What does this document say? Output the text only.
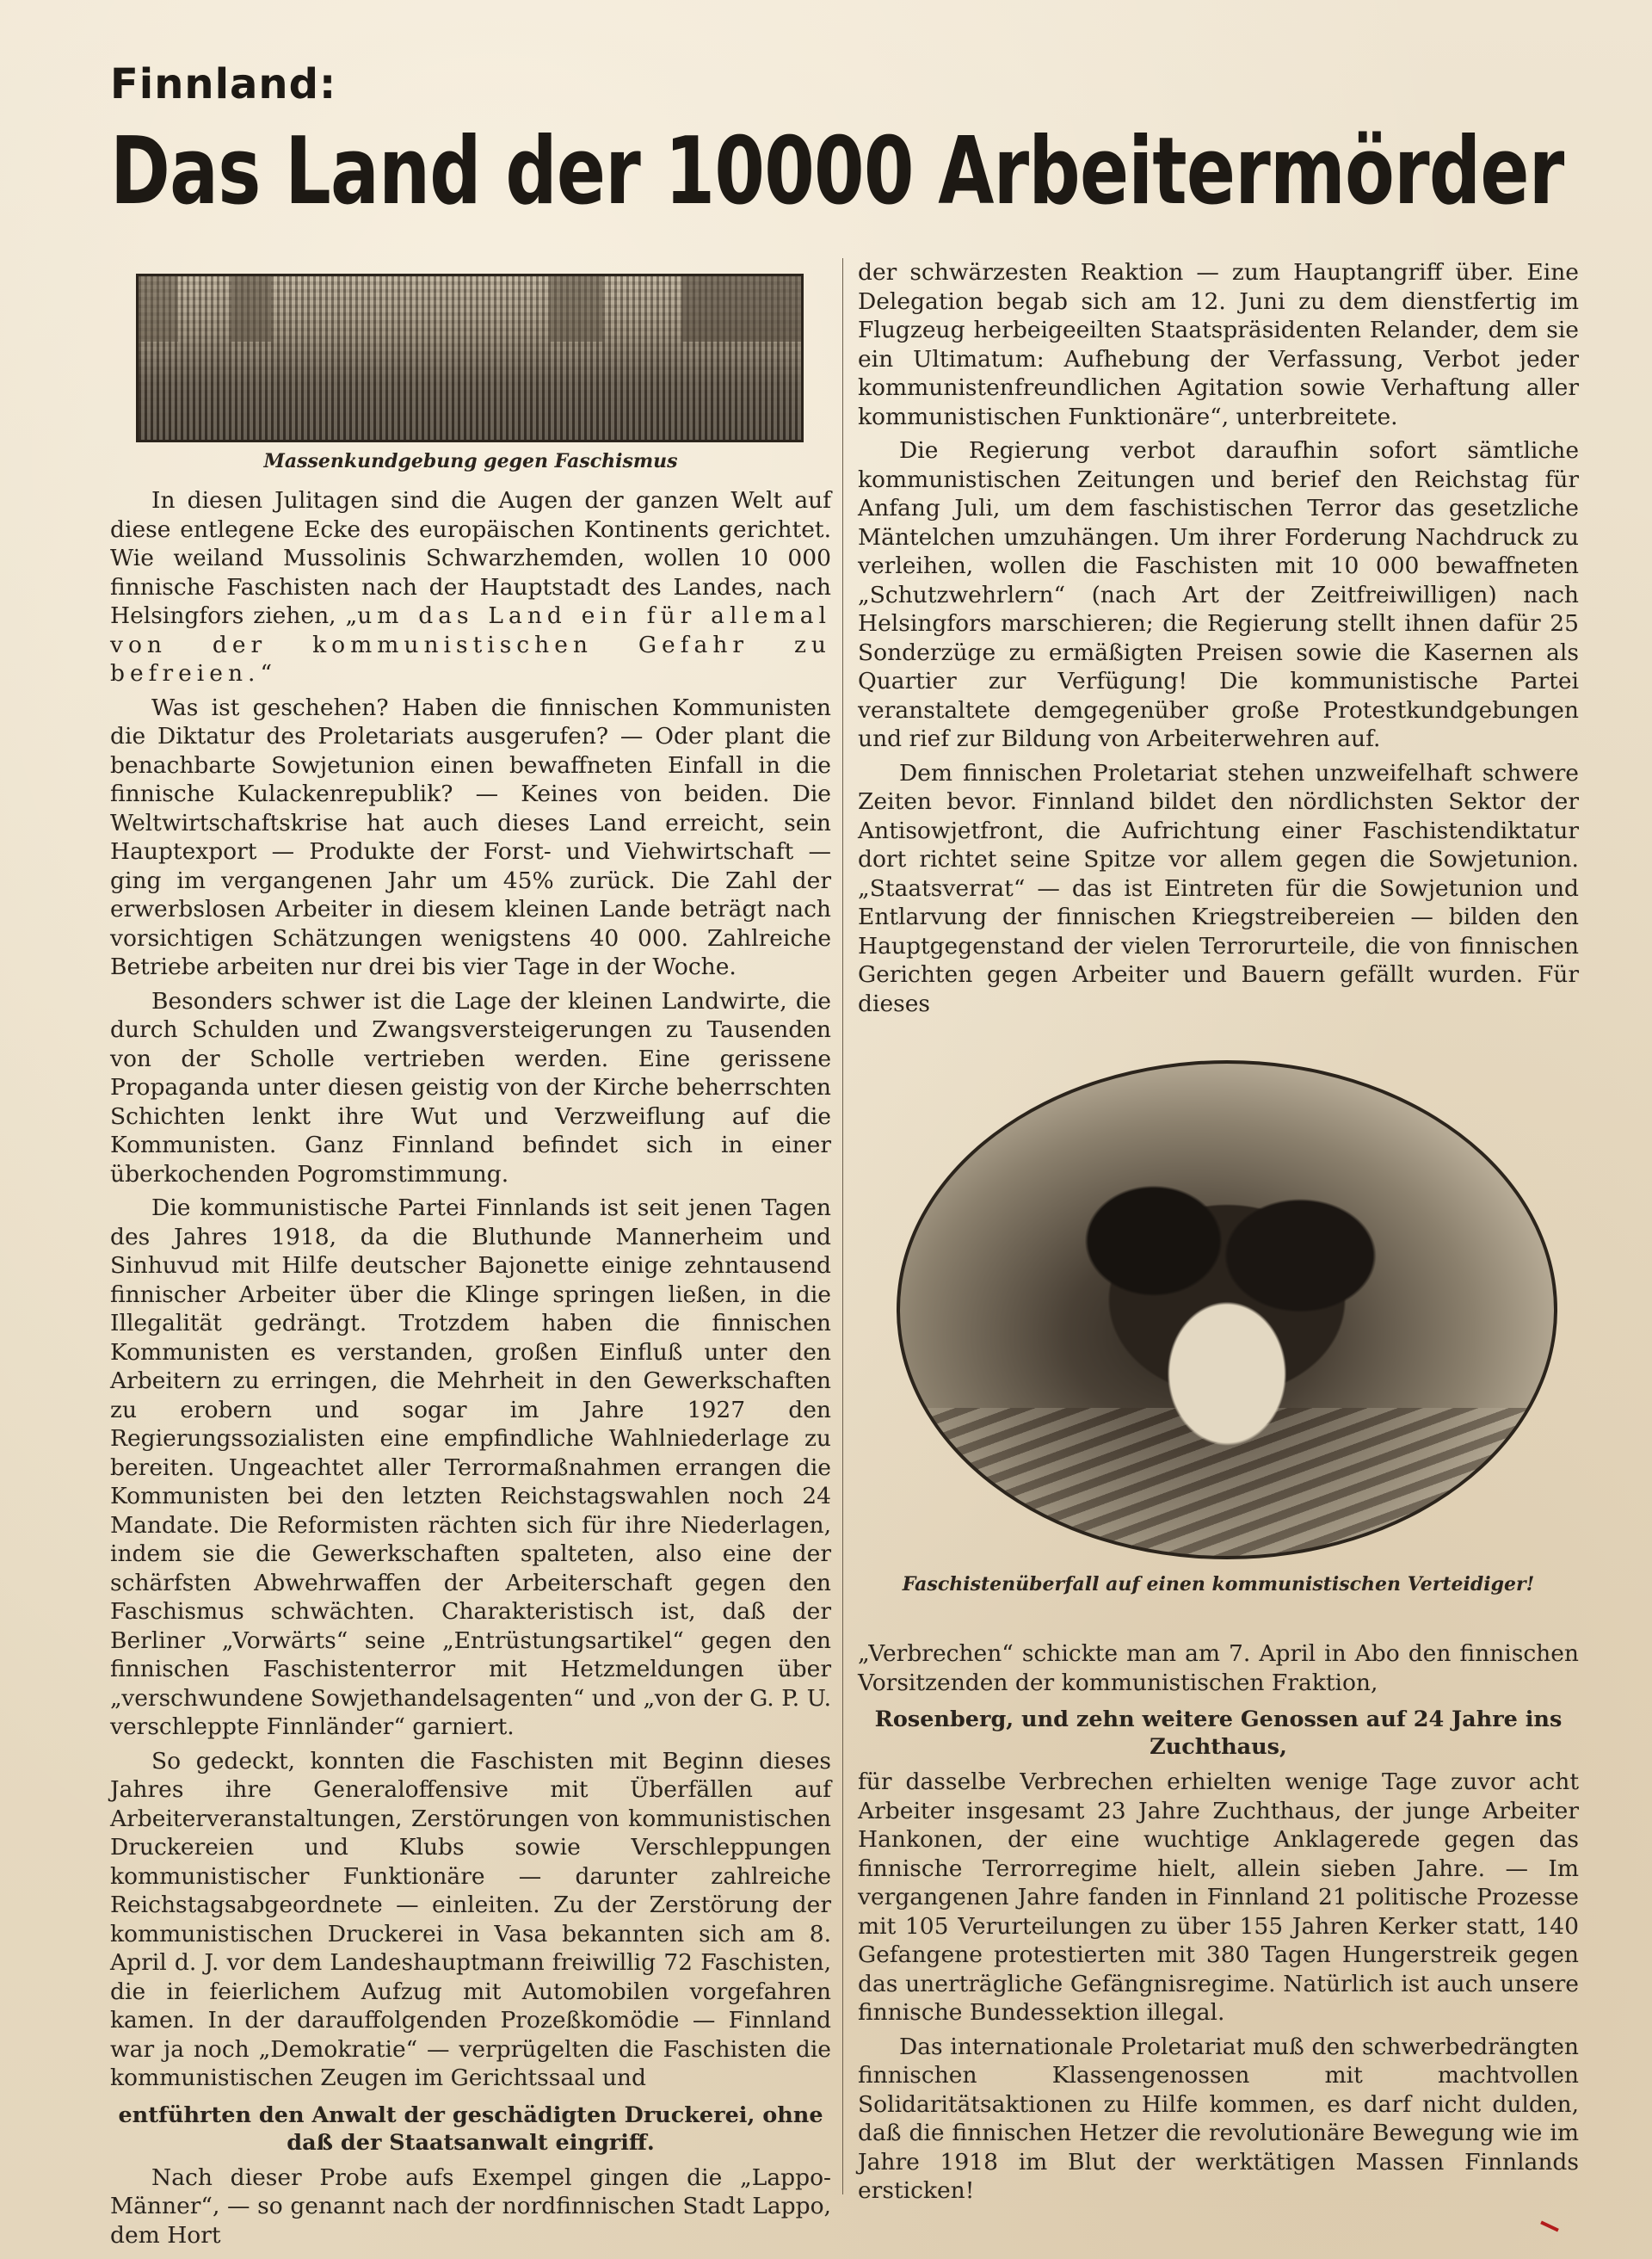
Finnland:
Das Land der 10000 Arbeitermörder
Massenkundgebung gegen Faschismus

In diesen Julitagen sind die Augen der ganzen Welt auf diese entlegene Ecke des europäischen Kontinents gerichtet. Wie weiland Mussolinis Schwarzhemden, wollen 10 000 finnische Faschisten nach der Hauptstadt des Landes, nach Helsingfors ziehen, „um das Land ein für allemal von der kommunistischen Gefahr zu befreien.“

Was ist geschehen? Haben die finnischen Kommunisten die Diktatur des Proletariats ausgerufen? — Oder plant die benachbarte Sowjetunion einen bewaffneten Einfall in die finnische Kulackenrepublik? — Keines von beiden. Die Weltwirtschaftskrise hat auch dieses Land erreicht, sein Hauptexport — Produkte der Forst- und Viehwirtschaft — ging im vergangenen Jahr um 45% zurück. Die Zahl der erwerbslosen Arbeiter in diesem kleinen Lande beträgt nach vorsichtigen Schätzungen wenigstens 40 000. Zahlreiche Betriebe arbeiten nur drei bis vier Tage in der Woche.

Besonders schwer ist die Lage der kleinen Landwirte, die durch Schulden und Zwangsversteigerungen zu Tausenden von der Scholle vertrieben werden. Eine gerissene Propaganda unter diesen geistig von der Kirche beherrschten Schichten lenkt ihre Wut und Verzweiflung auf die Kommunisten. Ganz Finnland befindet sich in einer überkochenden Pogromstimmung.

Die kommunistische Partei Finnlands ist seit jenen Tagen des Jahres 1918, da die Bluthunde Mannerheim und Sinhuvud mit Hilfe deutscher Bajonette einige zehntausend finnischer Arbeiter über die Klinge springen ließen, in die Illegalität gedrängt. Trotzdem haben die finnischen Kommunisten es verstanden, großen Einfluß unter den Arbeitern zu erringen, die Mehrheit in den Gewerkschaften zu erobern und sogar im Jahre 1927 den Regierungssozialisten eine empfindliche Wahlniederlage zu bereiten. Ungeachtet aller Terrormaßnahmen errangen die Kommunisten bei den letzten Reichstagswahlen noch 24 Mandate. Die Reformisten rächten sich für ihre Niederlagen, indem sie die Gewerkschaften spalteten, also eine der schärfsten Abwehrwaffen der Arbeiterschaft gegen den Faschismus schwächten. Charakteristisch ist, daß der Berliner „Vorwärts“ seine „Entrüstungsartikel“ gegen den finnischen Faschistenterror mit Hetzmeldungen über „verschwundene Sowjethandelsagenten“ und „von der G. P. U. verschleppte Finnländer“ garniert.

So gedeckt, konnten die Faschisten mit Beginn dieses Jahres ihre Generaloffensive mit Überfällen auf Arbeiterveranstaltungen, Zerstörungen von kommunistischen Druckereien und Klubs sowie Verschleppungen kommunistischer Funktionäre — darunter zahlreiche Reichstagsabgeordnete — einleiten. Zu der Zerstörung der kommunistischen Druckerei in Vasa bekannten sich am 8. April d. J. vor dem Landeshauptmann freiwillig 72 Faschisten, die in feierlichem Aufzug mit Automobilen vorgefahren kamen. In der darauffolgenden Prozeßkomödie — Finnland war ja noch „Demokratie“ — verprügelten die Faschisten die kommunistischen Zeugen im Gerichtssaal und

entführten den Anwalt der geschädigten Druckerei, ohne daß der Staatsanwalt eingriff.

Nach dieser Probe aufs Exempel gingen die „Lappo-Männer“, — so genannt nach der nordfinnischen Stadt Lappo, dem Hort

der schwärzesten Reaktion — zum Hauptangriff über. Eine Delegation begab sich am 12. Juni zu dem dienstfertig im Flugzeug herbeigeeilten Staatspräsidenten Relander, dem sie ein Ultimatum: Aufhebung der Verfassung, Verbot jeder kommunistenfreundlichen Agitation sowie Verhaftung aller kommunistischen Funktionäre“, unterbreitete.

Die Regierung verbot daraufhin sofort sämtliche kommunistischen Zeitungen und berief den Reichstag für Anfang Juli, um dem faschistischen Terror das gesetzliche Mäntelchen umzuhängen. Um ihrer Forderung Nachdruck zu verleihen, wollen die Faschisten mit 10 000 bewaffneten „Schutzwehrlern“ (nach Art der Zeitfreiwilligen) nach Helsingfors marschieren; die Regierung stellt ihnen dafür 25 Sonderzüge zu ermäßigten Preisen sowie die Kasernen als Quartier zur Verfügung! Die kommunistische Partei veranstaltete demgegenüber große Protestkundgebungen und rief zur Bildung von Arbeiterwehren auf.

Dem finnischen Proletariat stehen unzweifelhaft schwere Zeiten bevor. Finnland bildet den nördlichsten Sektor der Antisowjetfront, die Aufrichtung einer Faschistendiktatur dort richtet seine Spitze vor allem gegen die Sowjetunion. „Staatsverrat“ — das ist Eintreten für die Sowjetunion und Entlarvung der finnischen Kriegstreibereien — bilden den Hauptgegenstand der vielen Terrorurteile, die von finnischen Gerichten gegen Arbeiter und Bauern gefällt wurden. Für dieses

Faschistenüberfall auf einen kommunistischen Verteidiger!

„Verbrechen“ schickte man am 7. April in Abo den finnischen Vorsitzenden der kommunistischen Fraktion,

Rosenberg, und zehn weitere Genossen auf 24 Jahre ins Zuchthaus,

für dasselbe Verbrechen erhielten wenige Tage zuvor acht Arbeiter insgesamt 23 Jahre Zuchthaus, der junge Arbeiter Hankonen, der eine wuchtige Anklagerede gegen das finnische Terrorregime hielt, allein sieben Jahre. — Im vergangenen Jahre fanden in Finnland 21 politische Prozesse mit 105 Verurteilungen zu über 155 Jahren Kerker statt, 140 Gefangene protestierten mit 380 Tagen Hungerstreik gegen das unerträgliche Gefängnisregime. Natürlich ist auch unsere finnische Bundessektion illegal.

Das internationale Proletariat muß den schwerbedrängten finnischen Klassengenossen mit machtvollen Solidaritätsaktionen zu Hilfe kommen, es darf nicht dulden, daß die finnischen Hetzer die revolutionäre Bewegung wie im Jahre 1918 im Blut der werktätigen Massen Finnlands ersticken!
